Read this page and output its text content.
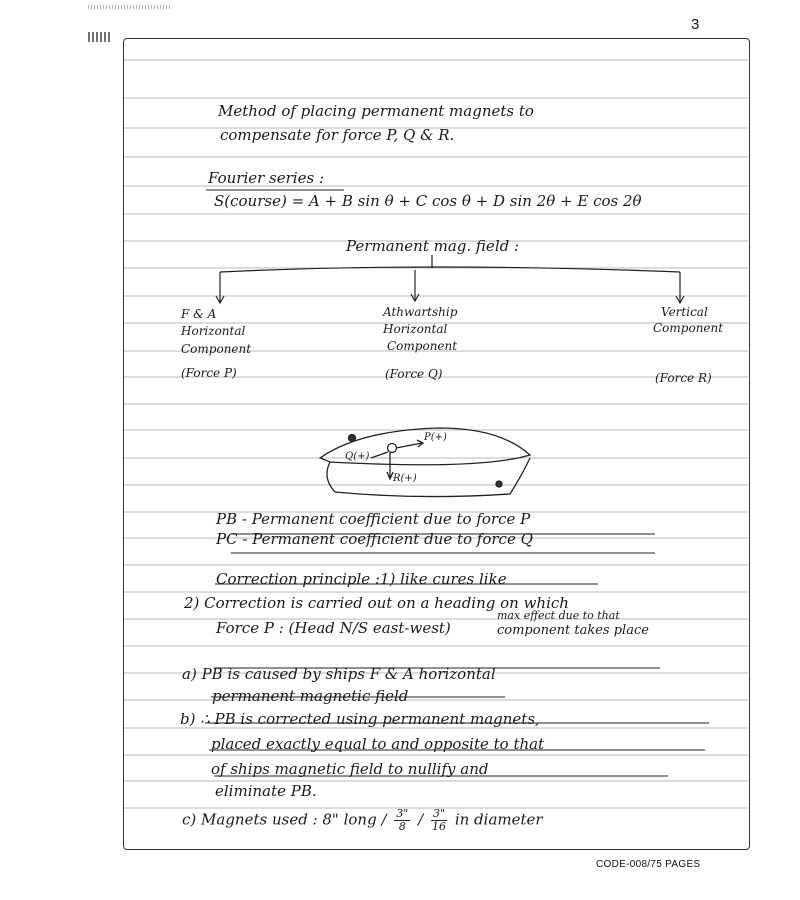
3
Method of placing permanent magnets to
compensate for force P, Q & R.
Fourier series :
S(course) = A + B sin θ + C cos θ + D sin 2θ + E cos 2θ
Permanent mag. field :
F & A
Horizontal
Component
(Force P)
Athwartship
Horizontal
Component
(Force Q)
Vertical
Component
(Force R)
P(+)
Q(+)
R(+)
PB - Permanent coefficient due to force P
PC - Permanent coefficient due to force Q
Correction principle :1) like cures like
2) Correction is carried out on a heading on which
Force P : (Head N/S east-west)
max effect due to that
component takes place
a) PB is caused by ships F & A horizontal
permanent magnetic field
b) ∴ PB is corrected using permanent magnets,
placed exactly equal to and opposite to that
of ships magnetic field to nullify and
eliminate PB.
c) Magnets used : 8" long / $\frac{3"}{8} / \frac{3"}{16}$ in diameter
CODE-008/75 PAGES
